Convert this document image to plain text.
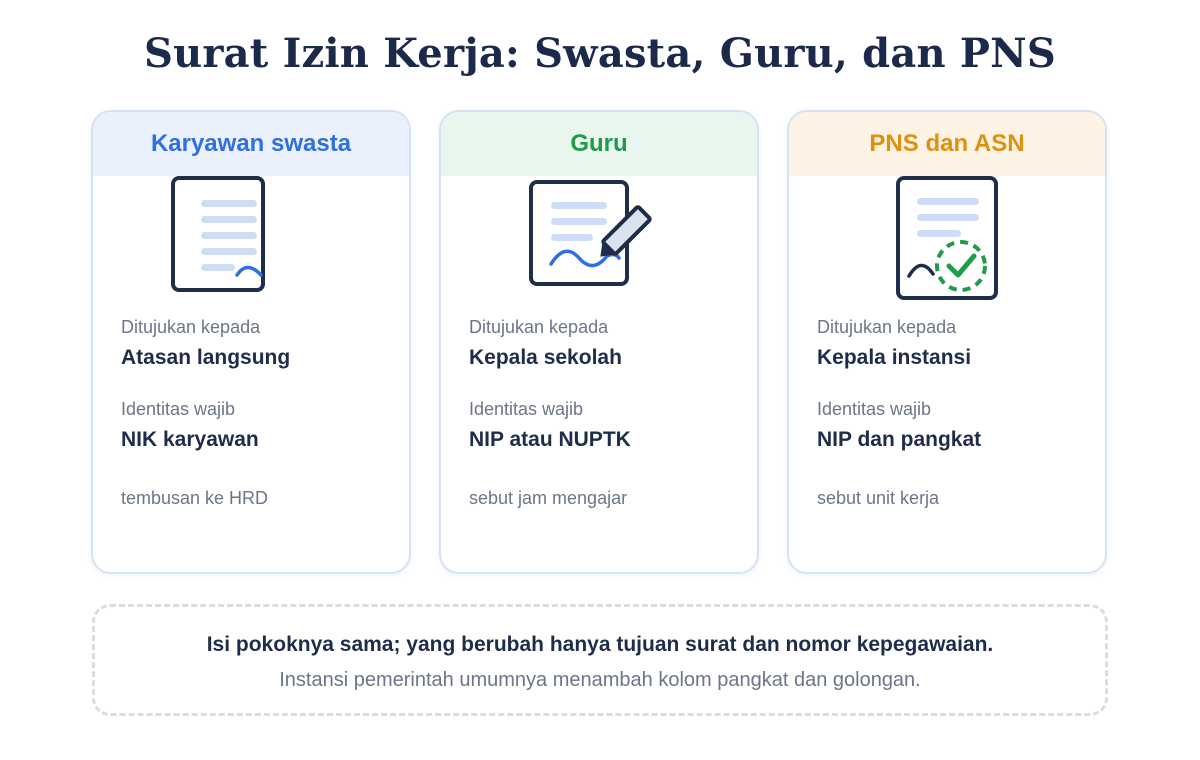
Surat Izin Kerja: Swasta, Guru, dan PNS
Karyawan swasta
Ditujukan kepada
Atasan langsung
Identitas wajib
NIK karyawan
tembusan ke HRD
Guru
Ditujukan kepada
Kepala sekolah
Identitas wajib
NIP atau NUPTK
sebut jam mengajar
PNS dan ASN
Ditujukan kepada
Kepala instansi
Identitas wajib
NIP dan pangkat
sebut unit kerja
Isi pokoknya sama; yang berubah hanya tujuan surat dan nomor kepegawaian.
Instansi pemerintah umumnya menambah kolom pangkat dan golongan.
